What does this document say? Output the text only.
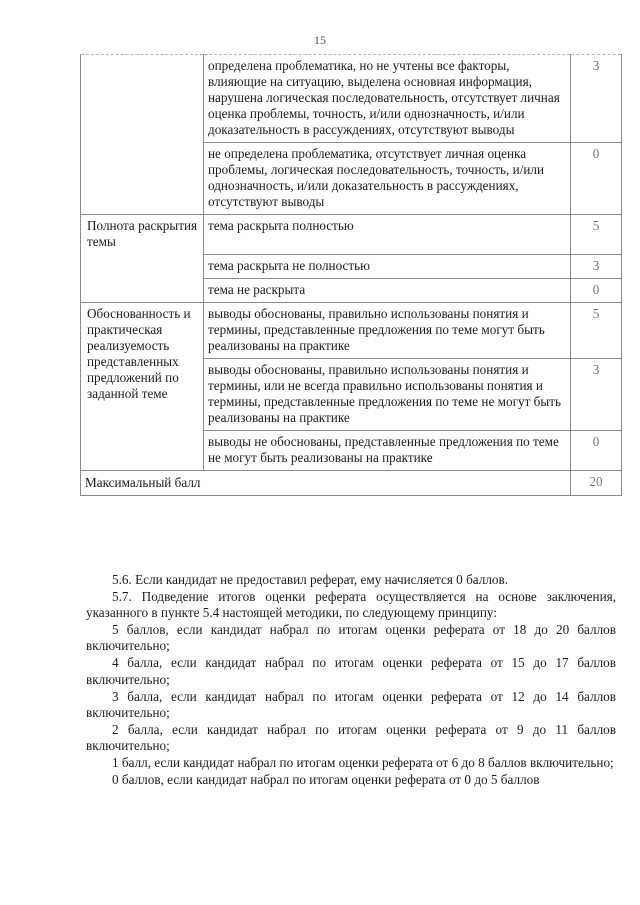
15
	определена проблематика, но не учтены все факторы, влияющие на ситуацию, выделена основная информация, нарушена логическая последовательность, отсутствует личная оценка проблемы, точность, и/или однозначность, и/или доказательность в рассуждениях, отсутствуют выводы	3
	не определена проблематика, отсутствует личная оценка проблемы, логическая последовательность, точность, и/или однозначность, и/или доказательность в рассуждениях, отсутствуют выводы	0
Полнота раскрытия темы	тема раскрыта полностью	5
	тема раскрыта не полностью	3
	тема не раскрыта	0
Обоснованность и практическая реализуемость представленных предложений по заданной теме	выводы обоснованы, правильно использованы понятия и термины, представленные предложения по теме могут быть реализованы на практике	5
	выводы обоснованы, правильно использованы понятия и термины, или не всегда правильно использованы понятия и термины, представленные предложения по теме не могут быть реализованы на практике	3
	выводы не обоснованы, представленные предложения по теме не могут быть реализованы на практике	0
Максимальный балл		20

5.6. Если кандидат не предоставил реферат, ему начисляется 0 баллов.

5.7. Подведение итогов оценки реферата осуществляется на основе заключения, указанного в пункте 5.4 настоящей методики, по следующему принципу:

5 баллов, если кандидат набрал по итогам оценки реферата от 18 до 20 баллов включительно;

4 балла, если кандидат набрал по итогам оценки реферата от 15 до 17 баллов включительно;

3 балла, если кандидат набрал по итогам оценки реферата от 12 до 14 баллов включительно;

2 балла, если кандидат набрал по итогам оценки реферата от 9 до 11 баллов включительно;

1 балл, если кандидат набрал по итогам оценки реферата от 6 до 8 баллов включительно;

0 баллов, если кандидат набрал по итогам оценки реферата от 0 до 5 баллов
